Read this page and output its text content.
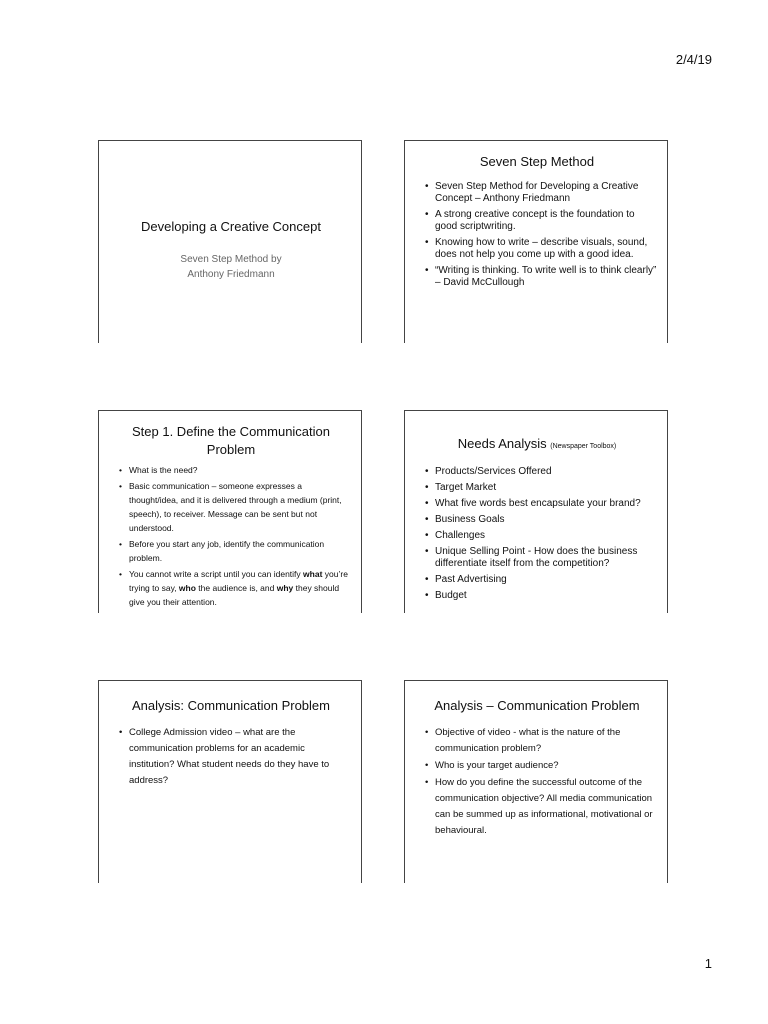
2/4/19
Developing a Creative Concept
Seven Step Method by
Anthony Friedmann
Seven Step Method
• Seven Step Method for Developing a Creative Concept – Anthony Friedmann
• A strong creative concept is the foundation to good scriptwriting.
• Knowing how to write – describe visuals, sound, does not help you come up with a good idea.
• “Writing is thinking. To write well is to think clearly” – David McCullough
Step 1. Define the Communication Problem
• What is the need?
• Basic communication – someone expresses a thought/idea, and it is delivered through a medium (print, speech), to receiver. Message can be sent but not understood.
• Before you start any job, identify the communication problem.
• You cannot write a script until you can identify what you’re trying to say, who the audience is, and why they should give you their attention.
Needs Analysis (Newspaper Toolbox)
• Products/Services Offered
• Target Market
• What five words best encapsulate your brand?
• Business Goals
• Challenges
• Unique Selling Point - How does the business differentiate itself from the competition?
• Past Advertising
• Budget
Analysis: Communication Problem
• College Admission video – what are the communication problems for an academic institution? What student needs do they have to address?
Analysis – Communication Problem
• Objective of video - what is the nature of the communication problem?
• Who is your target audience?
• How do you define the successful outcome of the communication objective? All media communication can be summed up as informational, motivational or behavioural.
1
